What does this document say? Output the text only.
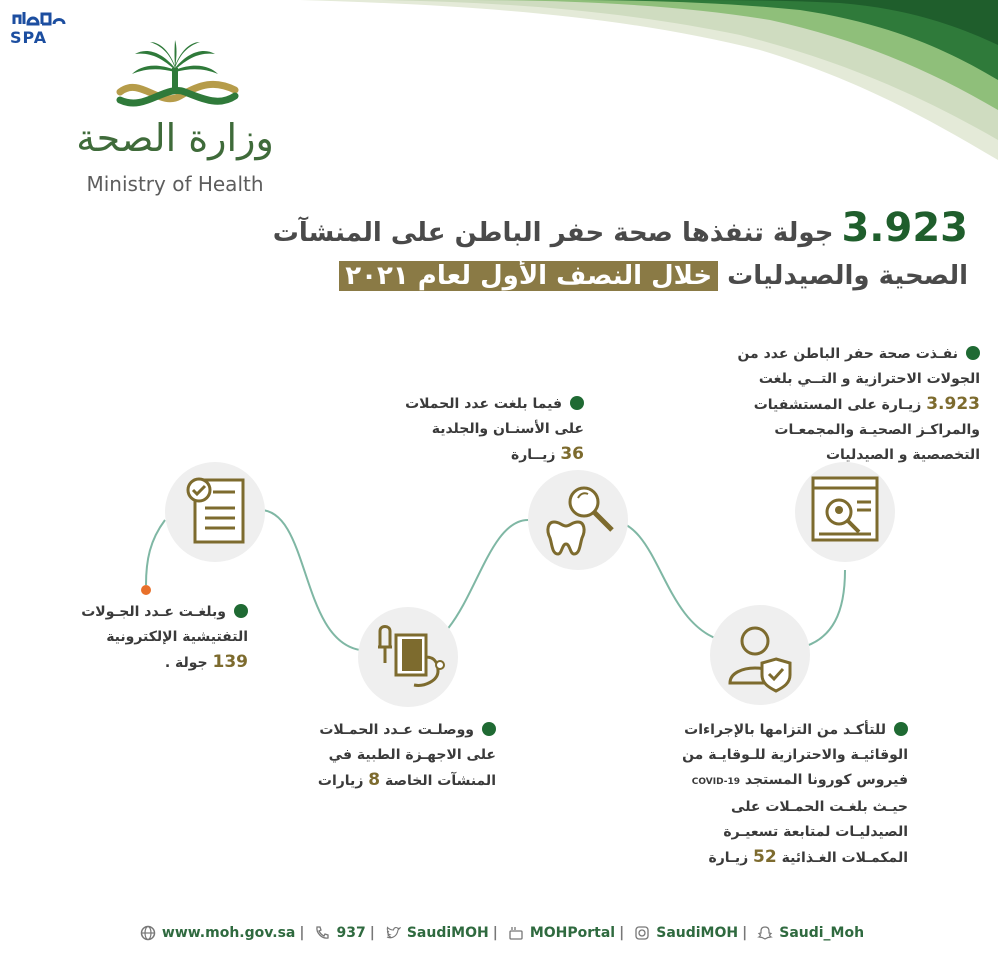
SPA
وزارة الصحة
Ministry of Health
3.923جولة تنفذها صحة حفر الباطن على المنشآت
الصحية والصيدليات خلال النصف الأول لعام ٢٠٢١
نفـذت صحة حفر الباطن عدد من
الجولات الاحترازية و التــي بلغت
3.923 زيـارة على المستشفيات
والمراكـز الصحيـة والمجمعـات
التخصصية و الصيدليات
فيما بلغت عدد الحملات
على الأسنـان والجلدية
36 زيــارة
وبلغـت عـدد الجـولات
التفتيشية الإلكترونية
139 جولة .
ووصلـت عـدد الحمـلات
على الاجهـزة الطبية في
المنشآت الخاصة 8 زيارات
للتأكـد من التزامها بالإجراءات
الوقائيـة والاحترازية للـوقايـة من
فيروس كورونا المستجد COVID-19
حيـث بلغـت الحمـلات على
الصيدليـات لمتابعة تسعيـرة
المكمـلات الغـذائية 52 زيـارة
www.moh.gov.sa | 937 | SaudiMOH | MOHPortal | SaudiMOH | Saudi_Moh
